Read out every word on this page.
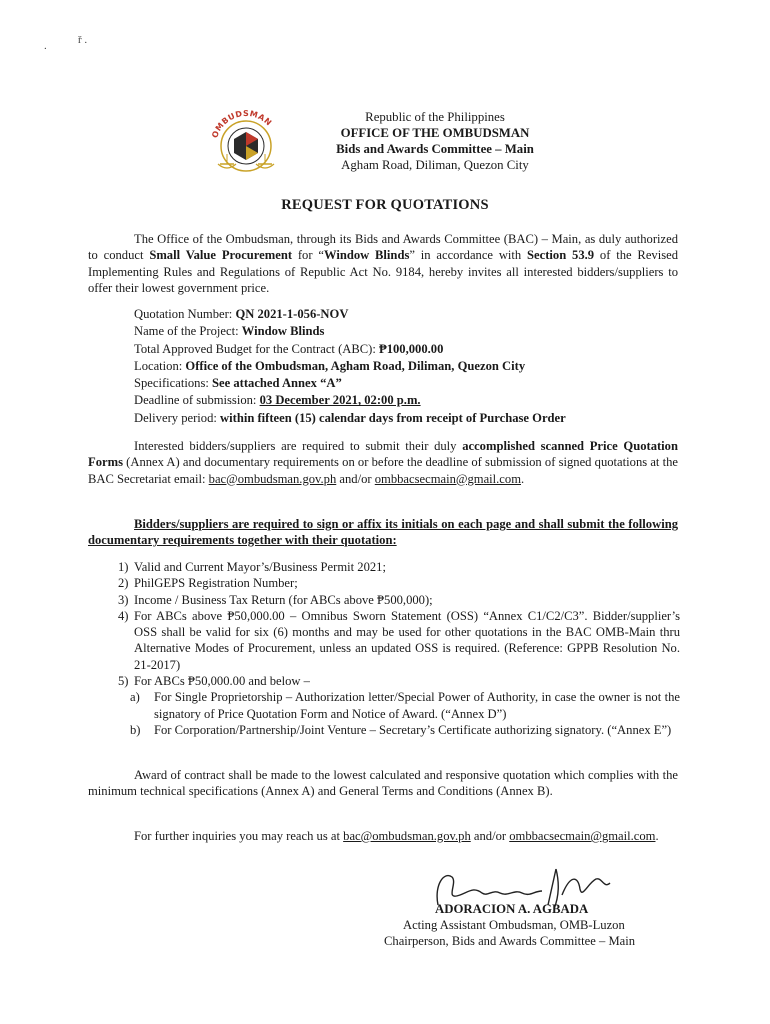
ř .
.
OMBUDSMAN	Republic of the Philippines
OFFICE OF THE OMBUDSMAN
Bids and Awards Committee – Main
Agham Road, Diliman, Quezon City
REQUEST FOR QUOTATIONS
The Office of the Ombudsman, through its Bids and Awards Committee (BAC) – Main, as duly authorized to conduct Small Value Procurement for “Window Blinds” in accordance with Section 53.9 of the Revised Implementing Rules and Regulations of Republic Act No. 9184, hereby invites all interested bidders/suppliers to offer their lowest government price.
Quotation Number: QN 2021-1-056-NOV
Name of the Project: Window Blinds
Total Approved Budget for the Contract (ABC): ₱100,000.00
Location: Office of the Ombudsman, Agham Road, Diliman, Quezon City
Specifications: See attached Annex “A”
Deadline of submission: 03 December 2021, 02:00 p.m.
Delivery period: within fifteen (15) calendar days from receipt of Purchase Order
Interested bidders/suppliers are required to submit their duly accomplished scanned Price Quotation Forms (Annex A) and documentary requirements on or before the deadline of submission of signed quotations at the BAC Secretariat email: bac@ombudsman.gov.ph and/or ombbacsecmain@gmail.com.
Bidders/suppliers are required to sign or affix its initials on each page and shall submit the following documentary requirements together with their quotation:
1) Valid and Current Mayor’s/Business Permit 2021;
2) PhilGEPS Registration Number;
3) Income / Business Tax Return (for ABCs above ₱500,000);
4) For ABCs above ₱50,000.00 – Omnibus Sworn Statement (OSS) “Annex C1/C2/C3”. Bidder/supplier’s OSS shall be valid for six (6) months and may be used for other quotations in the BAC OMB-Main thru Alternative Modes of Procurement, unless an updated OSS is required. (Reference: GPPB Resolution No. 21-2017)
5) For ABCs ₱50,000.00 and below –
a)	For Single Proprietorship – Authorization letter/Special Power of Authority, in case the owner is not the signatory of Price Quotation Form and Notice of Award. (“Annex D”)
b)	For Corporation/Partnership/Joint Venture – Secretary’s Certificate authorizing signatory. (“Annex E”)
Award of contract shall be made to the lowest calculated and responsive quotation which complies with the minimum technical specifications (Annex A) and General Terms and Conditions (Annex B).
For further inquiries you may reach us at bac@ombudsman.gov.ph and/or ombbacsecmain@gmail.com.
ADORACION A. AGBADA
Acting Assistant Ombudsman, OMB-Luzon
Chairperson, Bids and Awards Committee – Main
